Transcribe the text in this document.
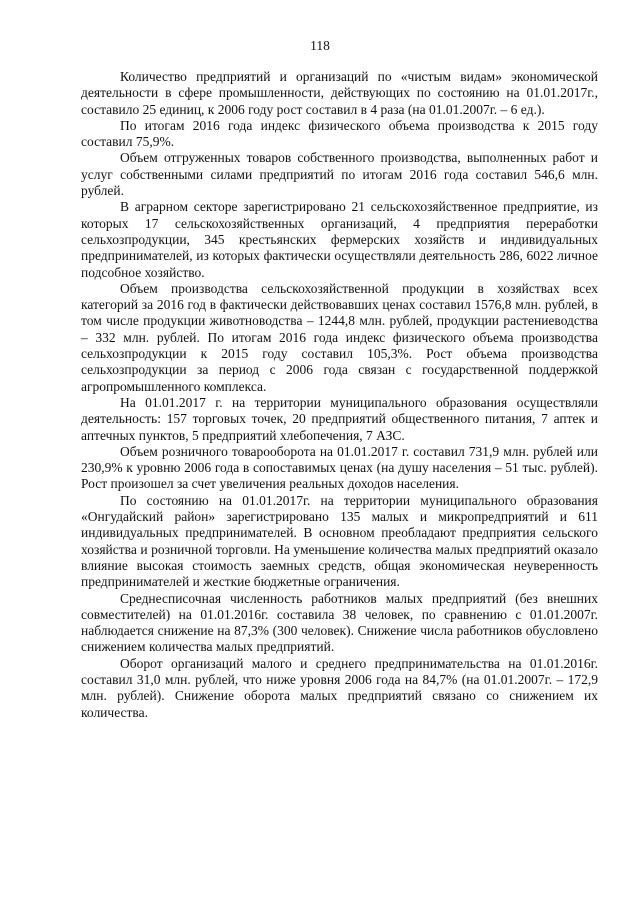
118

Количество предприятий и организаций по «чистым видам» экономической деятельности в сфере промышленности, действующих по состоянию на 01.01.2017г., составило 25 единиц, к 2006 году рост составил в 4 раза (на 01.01.2007г. – 6 ед.).

По итогам 2016 года индекс физического объема производства к 2015 году составил 75,9%.

Объем отгруженных товаров собственного производства, выполненных работ и услуг собственными силами предприятий по итогам 2016 года составил 546,6 млн. рублей.

В аграрном секторе зарегистрировано 21 сельскохозяйственное предприятие, из которых 17 сельскохозяйственных организаций, 4 предприятия переработки сельхозпродукции, 345 крестьянских фермерских хозяйств и индивидуальных предпринимателей, из которых фактически осуществляли деятельность 286, 6022 личное подсобное хозяйство.

Объем производства сельскохозяйственной продукции в хозяйствах всех категорий за 2016 год в фактически действовавших ценах составил 1576,8 млн. рублей, в том числе продукции животноводства – 1244,8 млн. рублей, продукции растениеводства – 332 млн. рублей. По итогам 2016 года индекс физического объема производства сельхозпродукции к 2015 году составил 105,3%. Рост объема производства сельхозпродукции за период с 2006 года связан с государственной поддержкой агропромышленного комплекса.

На 01.01.2017 г. на территории муниципального образования осуществляли деятельность: 157 торговых точек, 20 предприятий общественного питания, 7 аптек и аптечных пунктов, 5 предприятий хлебопечения, 7 АЗС.

Объем розничного товарооборота на 01.01.2017 г. составил 731,9 млн. рублей или 230,9% к уровню 2006 года в сопоставимых ценах (на душу населения – 51 тыс. рублей). Рост произошел за счет увеличения реальных доходов населения.

По состоянию на 01.01.2017г. на территории муниципального образования «Онгудайский район» зарегистрировано 135 малых и микропредприятий и 611 индивидуальных предпринимателей. В основном преобладают предприятия сельского хозяйства и розничной торговли. На уменьшение количества малых предприятий оказало влияние высокая стоимость заемных средств, общая экономическая неуверенность предпринимателей и жесткие бюджетные ограничения.

Среднесписочная численность работников малых предприятий (без внешних совместителей) на 01.01.2016г. составила 38 человек, по сравнению с 01.01.2007г. наблюдается снижение на 87,3% (300 человек). Снижение числа работников обусловлено снижением количества малых предприятий.

Оборот организаций малого и среднего предпринимательства на 01.01.2016г. составил 31,0 млн. рублей, что ниже уровня 2006 года на 84,7% (на 01.01.2007г. – 172,9 млн. рублей). Снижение оборота малых предприятий связано со снижением их количества.
